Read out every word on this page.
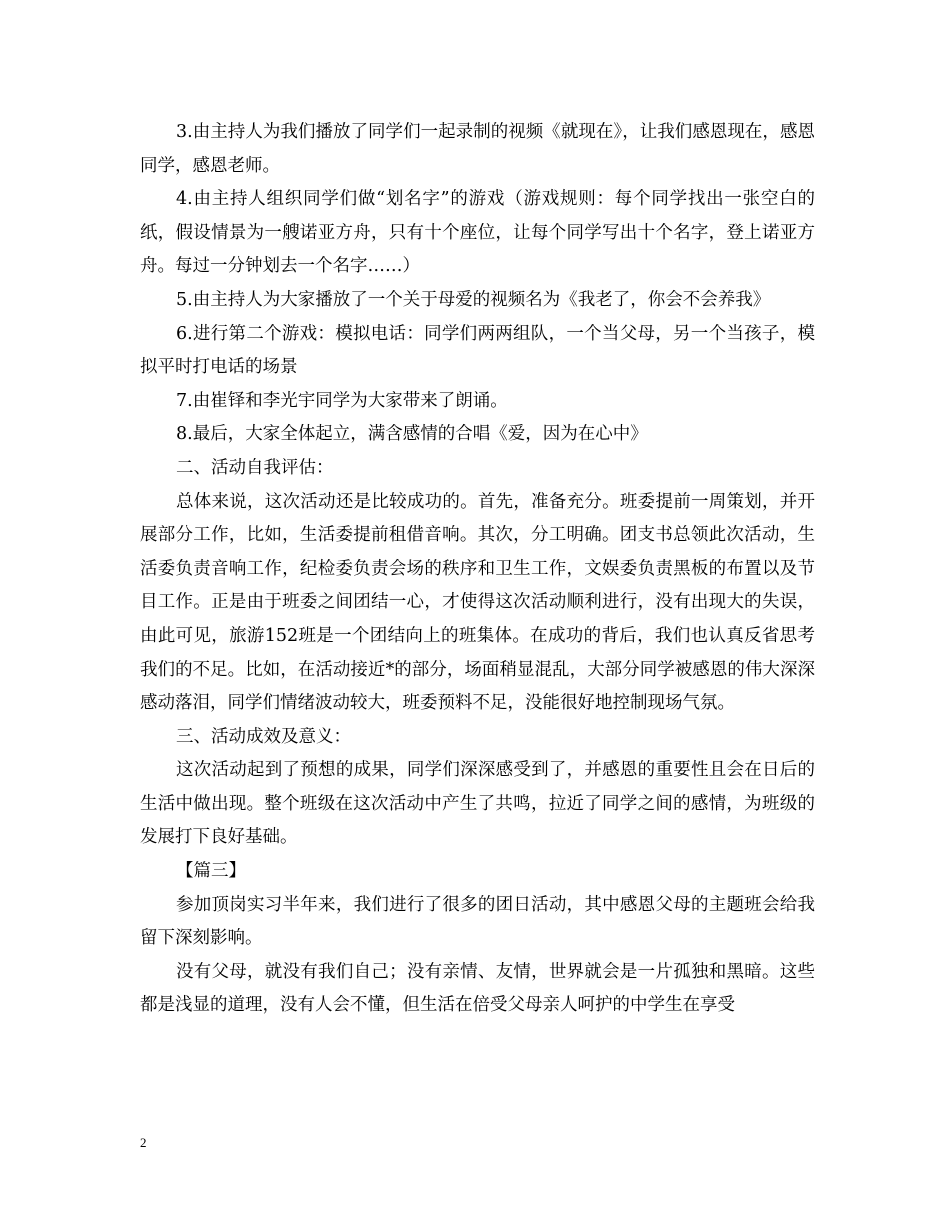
3.由主持人为我们播放了同学们一起录制的视频《就现在》，让我们感恩现在，感恩同学，感恩老师。

4.由主持人组织同学们做“划名字”的游戏（游戏规则：每个同学找出一张空白的纸，假设情景为一艘诺亚方舟，只有十个座位，让每个同学写出十个名字，登上诺亚方舟。每过一分钟划去一个名字……）

5.由主持人为大家播放了一个关于母爱的视频名为《我老了，你会不会养我》

6.进行第二个游戏：模拟电话：同学们两两组队，一个当父母，另一个当孩子，模拟平时打电话的场景

7.由崔铎和李光宇同学为大家带来了朗诵。

8.最后，大家全体起立，满含感情的合唱《爱，因为在心中》

二、活动自我评估：

总体来说，这次活动还是比较成功的。首先，准备充分。班委提前一周策划，并开展部分工作，比如，生活委提前租借音响。其次，分工明确。团支书总领此次活动，生活委负责音响工作，纪检委负责会场的秩序和卫生工作，文娱委负责黑板的布置以及节目工作。正是由于班委之间团结一心，才使得这次活动顺利进行，没有出现大的失误，由此可见，旅游152班是一个团结向上的班集体。在成功的背后，我们也认真反省思考我们的不足。比如，在活动接近*的部分，场面稍显混乱，大部分同学被感恩的伟大深深感动落泪，同学们情绪波动较大，班委预料不足，没能很好地控制现场气氛。

三、活动成效及意义：

这次活动起到了预想的成果，同学们深深感受到了，并感恩的重要性且会在日后的生活中做出现。整个班级在这次活动中产生了共鸣，拉近了同学之间的感情，为班级的发展打下良好基础。

【篇三】

参加顶岗实习半年来，我们进行了很多的团日活动，其中感恩父母的主题班会给我留下深刻影响。

没有父母，就没有我们自己；没有亲情、友情，世界就会是一片孤独和黑暗。这些都是浅显的道理，没有人会不懂，但生活在倍受父母亲人呵护的中学生在享受

2
